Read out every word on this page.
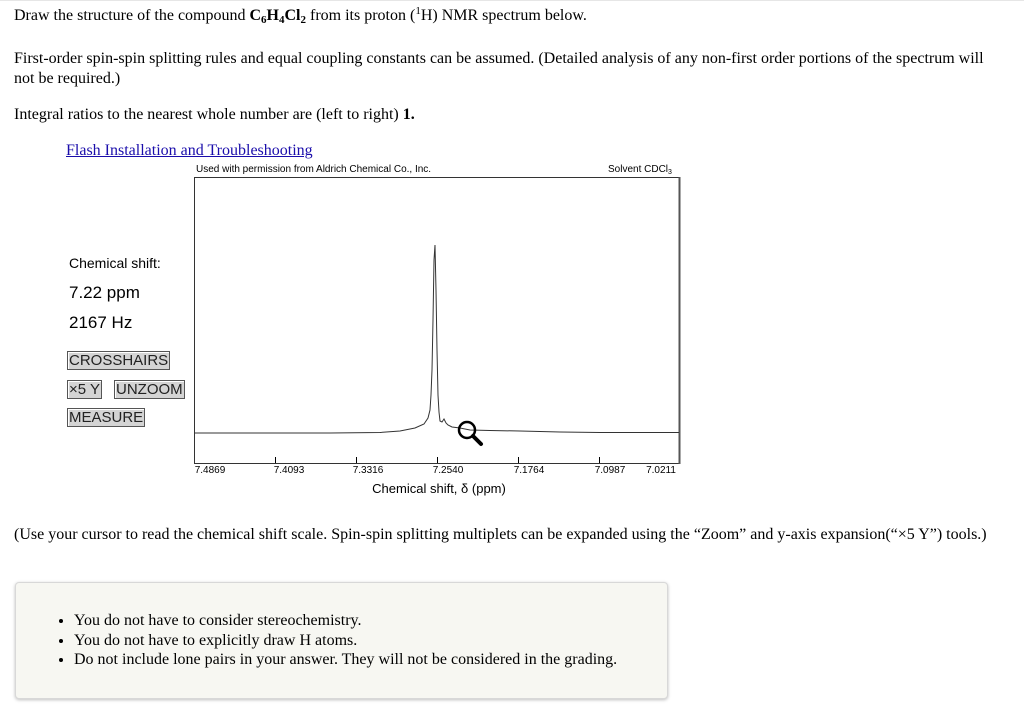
Draw the structure of the compound $C_6H_4Cl_2$ from its proton ($^1$H) NMR spectrum below.

First-order spin-spin splitting rules and equal coupling constants can be assumed. (Detailed analysis of any non-first order portions of the spectrum will not be required.)

Integral ratios to the nearest whole number are (left to right) 1.

Flash Installation and Troubleshooting
Used with permission from Aldrich Chemical Co., Inc.	Solvent CDCl$_3$
Chemical shift:
7.22 ppm
2167 Hz
CROSSHAIRS
×5 Y UNZOOM
MEASURE
7.4869	7.4093	7.3316	7.2540	7.1764	7.0987 7.0211
Chemical shift, δ (ppm)

(Use your cursor to read the chemical shift scale. Spin-spin splitting multiplets can be expanded using the “Zoom” and y-axis expansion(“×5 Y”) tools.)

• You do not have to consider stereochemistry.
• You do not have to explicitly draw H atoms.
• Do not include lone pairs in your answer. They will not be considered in the grading.
